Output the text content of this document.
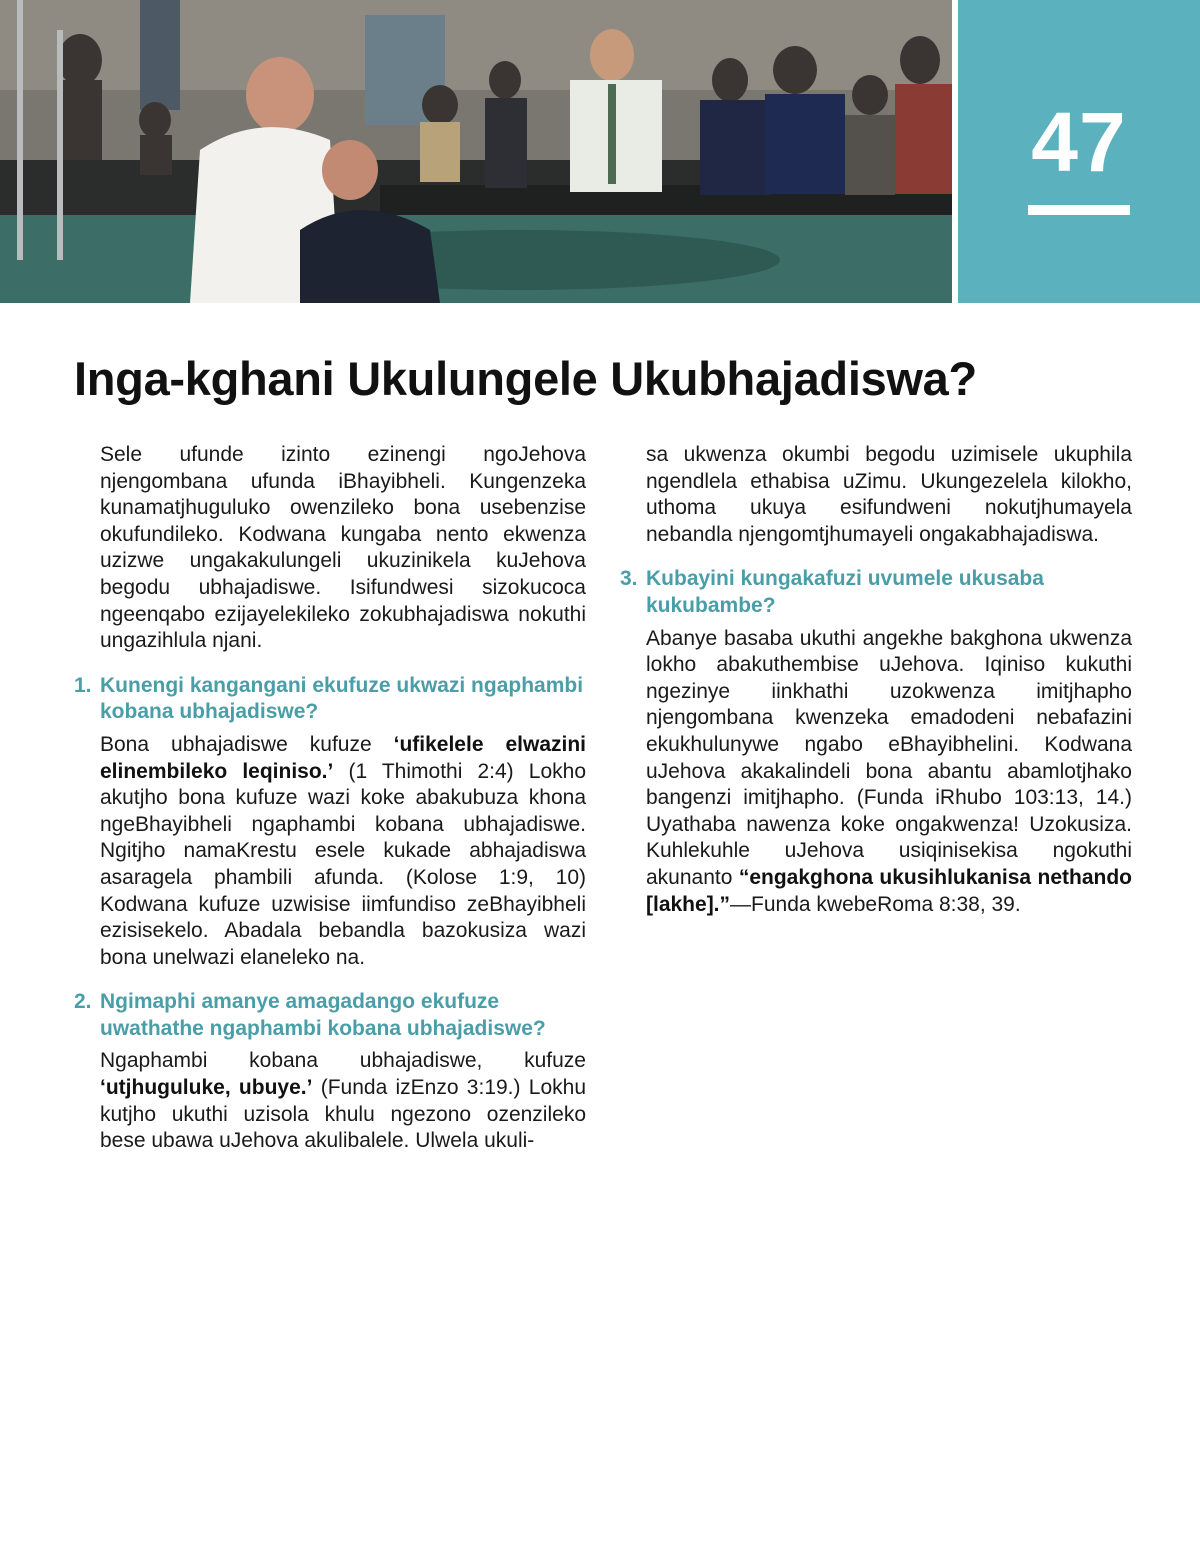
47
Inga-kghani Ukulungele Ukubhajadiswa?

Sele ufunde izinto ezinengi ngoJehova njengombana ufunda iBhayibheli. Kungenzeka kunamatjhuguluko owenzileko bona usebenzise okufundileko. Kodwana kungaba nento ekwenza uzizwe ungakakulungeli ukuzinikela kuJehova begodu ubhajadiswe. Isifundwesi sizokucoca ngeenqabo ezijayelekileko zokubhajadiswa nokuthi ungazihlula njani.

1. Kunengi kangangani ekufuze ukwazi ngaphambi kobana ubhajadiswe?

Bona ubhajadiswe kufuze ‘ufikelele elwazini elinembileko leqiniso.’ (1 Thimothi 2:4) Lokho akutjho bona kufuze wazi koke abakubuza khona ngeBhayibheli ngaphambi kobana ubhajadiswe. Ngitjho namaKrestu esele kukade abhajadiswa asaragela phambili afunda. (Kolose 1:9, 10) Kodwana kufuze uzwisise iimfundiso zeBhayibheli ezisisekelo. Abadala bebandla bazokusiza wazi bona unelwazi elaneleko na.

2. Ngimaphi amanye amagadango ekufuze uwathathe ngaphambi kobana ubhajadiswe?

Ngaphambi kobana ubhajadiswe, kufuze ‘utjhuguluke, ubuye.’ (Funda izEnzo 3:19.) Lokhu kutjho ukuthi uzisola khulu ngezono ozenzileko bese ubawa uJehova akulibalele. Ulwela ukuli-

sa ukwenza okumbi begodu uzimisele ukuphila ngendlela ethabisa uZimu. Ukungezelela kilokho, uthoma ukuya esifundweni nokutjhumayela nebandla njengomtjhumayeli ongakabhajadiswa.

3. Kubayini kungakafuzi uvumele ukusaba kukubambe?

Abanye basaba ukuthi angekhe bakghona ukwenza lokho abakuthembise uJehova. Iqiniso kukuthi ngezinye iinkhathi uzokwenza imitjhapho njengombana kwenzeka emadodeni nebafazini ekukhulunywe ngabo eBhayibhelini. Kodwana uJehova akakalindeli bona abantu abamlotjhako bangenzi imitjhapho. (Funda iRhubo 103:13, 14.) Uyathaba nawenza koke ongakwenza! Uzokusiza. Kuhlekuhle uJehova usiqinisekisa ngokuthi akunanto “engakghona ukusihlukanisa nethando [lakhe].”—Funda kwebeRoma 8:38, 39.
